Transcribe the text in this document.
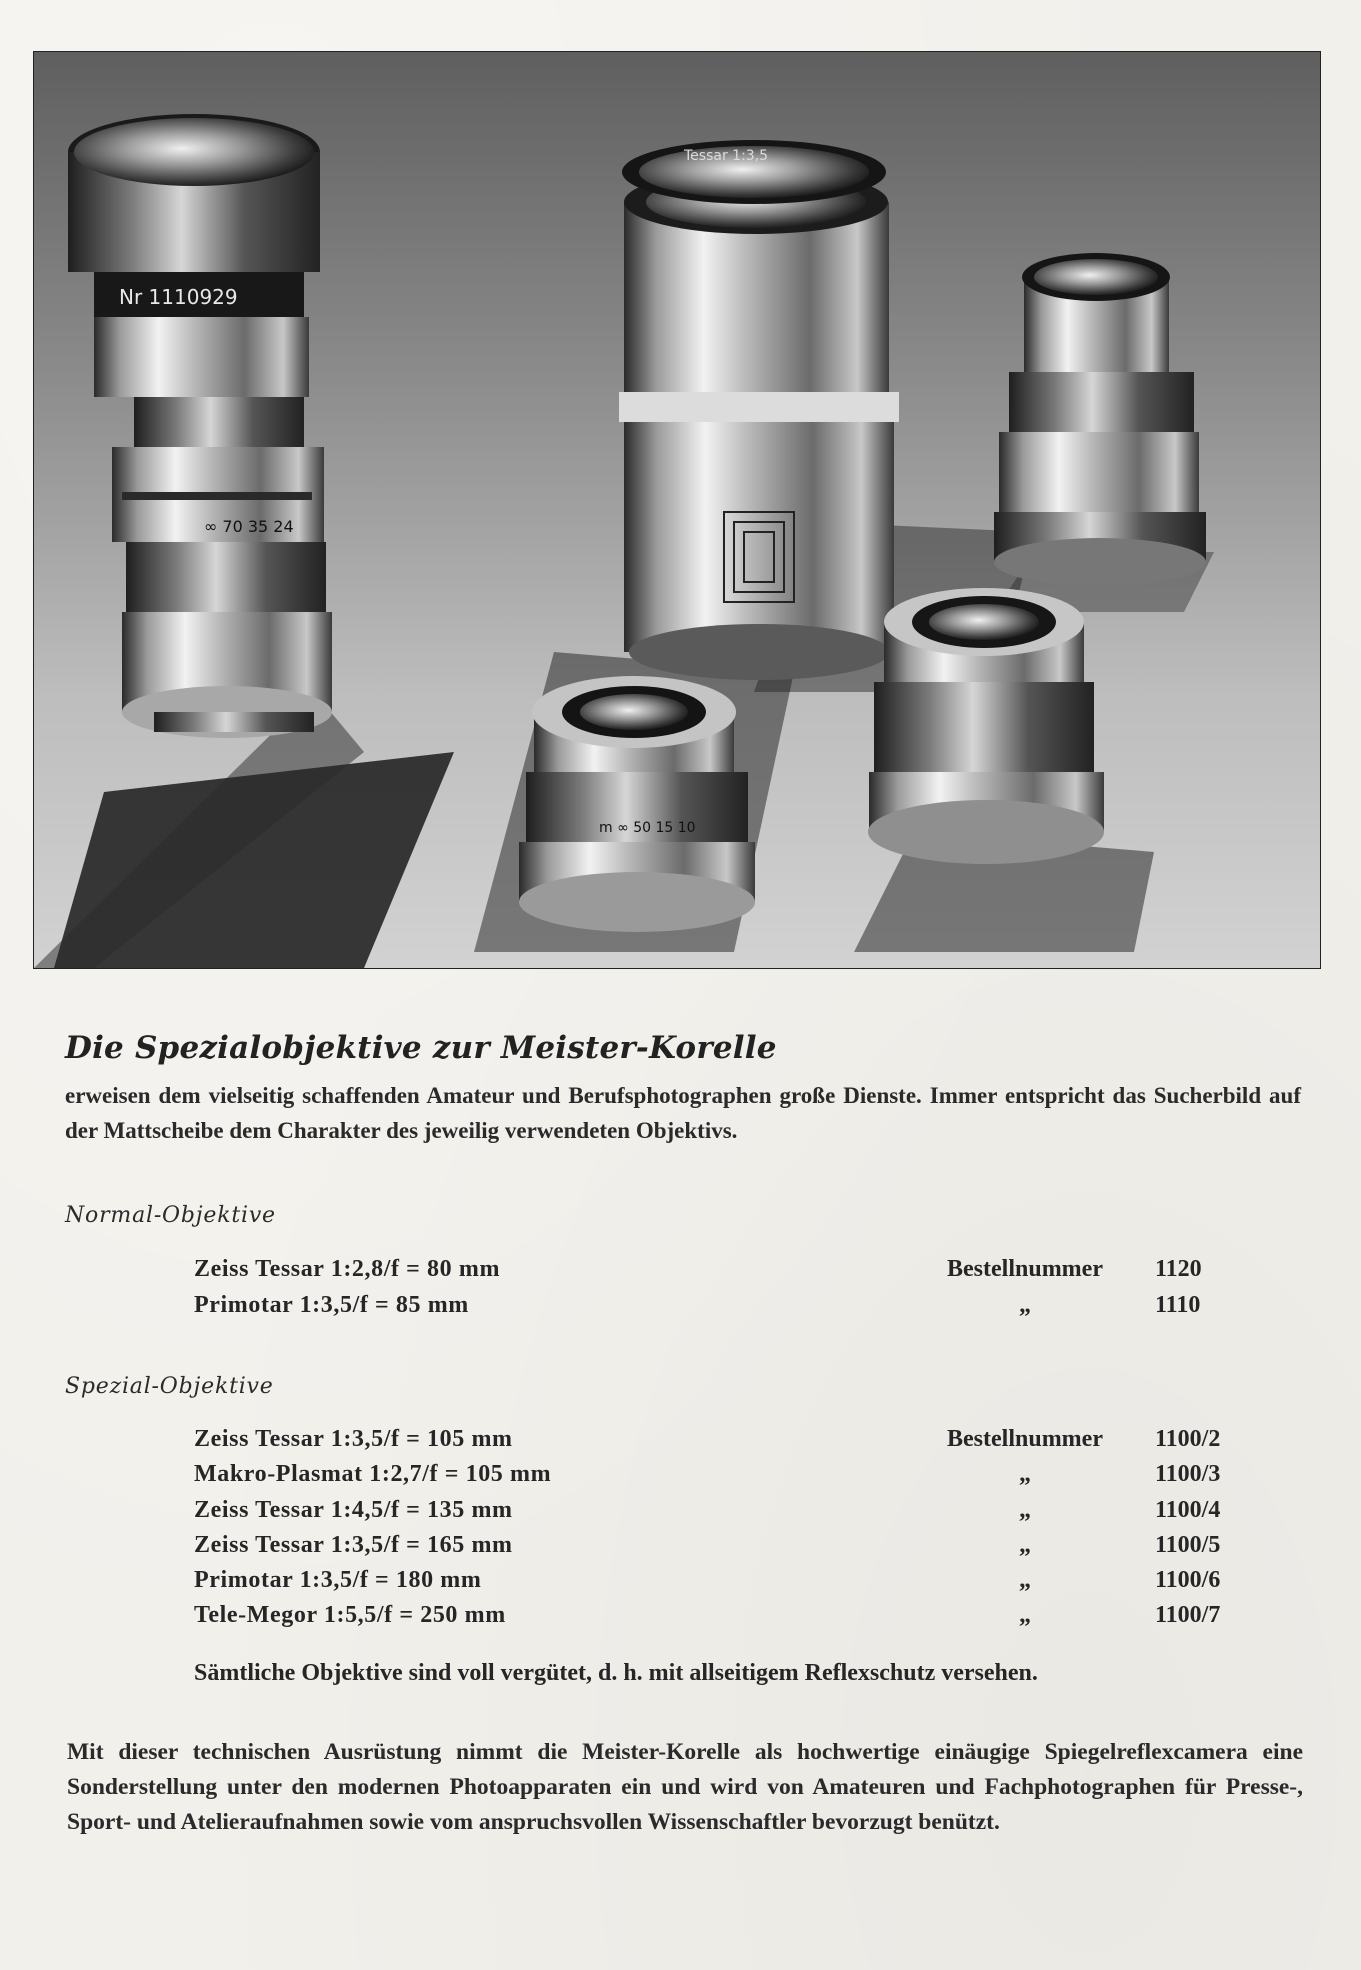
Nr 1110929
∞ 70 35 24
Tessar 1:3,5
m ∞ 50 15 10
Die Spezialobjektive zur Meister-Korelle

erweisen dem vielseitig schaffenden Amateur und Berufsphotographen große Dienste. Immer entspricht das Sucherbild auf der Mattscheibe dem Charakter des jeweilig verwendeten Objektivs.

Normal-Objektive
Zeiss Tessar 1:2,8/f = 80 mm	Bestellnummer	1120
Primotar 1:3,5/f = 85 mm	„	1110
Spezial-Objektive
Zeiss Tessar 1:3,5/f = 105 mm	Bestellnummer	1100/2
Makro-Plasmat 1:2,7/f = 105 mm	„	1100/3
Zeiss Tessar 1:4,5/f = 135 mm	„	1100/4
Zeiss Tessar 1:3,5/f = 165 mm	„	1100/5
Primotar 1:3,5/f = 180 mm	„	1100/6
Tele-Megor 1:5,5/f = 250 mm	„	1100/7
Sämtliche Objektive sind voll vergütet, d. h. mit allseitigem Reflexschutz versehen.

Mit dieser technischen Ausrüstung nimmt die Meister-Korelle als hochwertige einäugige Spiegelreflexcamera eine Sonderstellung unter den modernen Photoapparaten ein und wird von Amateuren und Fachphotographen für Presse-, Sport- und Atelieraufnahmen sowie vom anspruchsvollen Wissenschaftler bevorzugt benützt.
